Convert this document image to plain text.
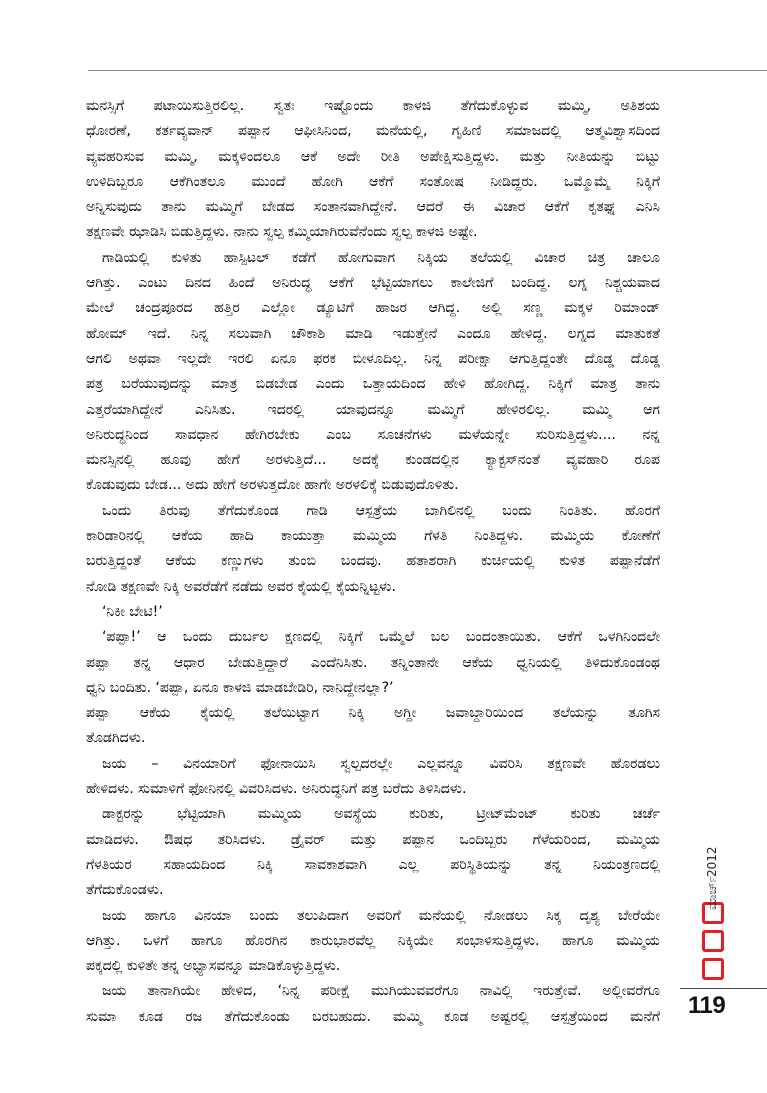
ಮನಸ್ಸಿಗೆ ಪಟಾಯಿಸುತ್ತಿರಲಿಲ್ಲ. ಸ್ವತಃ ಇಷ್ಟೊಂದು ಕಾಳಜಿ ತೆಗೆದುಕೊಳ್ಳುವ ಮಮ್ಮಿ, ಅತಿಶಯ
ಧೋರಣೆ, ಕರ್ತವ್ಯವಾನ್ ಪಪ್ಪಾನ ಆಫೀಸಿನಿಂದ, ಮನೆಯಲ್ಲಿ, ಗೃಹಿಣಿ ಸಮಾಜದಲ್ಲಿ ಆತ್ಮವಿಶ್ವಾಸದಿಂದ
ವ್ಯವಹರಿಸುವ ಮಮ್ಮಿ, ಮಕ್ಕಳಿಂದಲೂ ಆಕೆ ಅದೇ ರೀತಿ ಅಪೇಕ್ಷಿಸುತ್ತಿದ್ದಳು. ಮತ್ತು ನೀತಿಯನ್ನು ಬಿಟ್ಟು
ಉಳಿದಿಬ್ಬರೂ ಆಕೆಗಿಂತಲೂ ಮುಂದೆ ಹೋಗಿ ಆಕೆಗೆ ಸಂತೋಷ ನೀಡಿದ್ದರು. ಒಮ್ಮೊಮ್ಮೆ ನಿಕ್ಕಿಗೆ
ಅನ್ನಿಸುವುದು ತಾನು ಮಮ್ಮಿಗೆ ಬೇಡದ ಸಂತಾನವಾಗಿದ್ದೇನೆ. ಆದರೆ ಈ ವಿಚಾರ ಆಕೆಗೆ ಕೃತಘ್ನ ಎನಿಸಿ
ತಕ್ಷಣವೇ ಝಾಡಿಸಿ ಬಿಡುತ್ತಿದ್ದಳು. ನಾನು ಸ್ವಲ್ಪ ಕಮ್ಮಿಯಾಗಿರುವೆನೆಂದು ಸ್ವಲ್ಪ ಕಾಳಜಿ ಅಷ್ಟೇ.
ಗಾಡಿಯಲ್ಲಿ ಕುಳಿತು ಹಾಸ್ಪಿಟಲ್ ಕಡೆಗೆ ಹೋಗುವಾಗ ನಿಕ್ಕಿಯ ತಲೆಯಲ್ಲಿ ವಿಚಾರ ಚಿತ್ರ ಚಾಲೂ
ಆಗಿತ್ತು. ಎಂಟು ದಿನದ ಹಿಂದೆ ಅನಿರುದ್ಧ ಆಕೆಗೆ ಭೆಟ್ಟಿಯಾಗಲು ಕಾಲೇಜಿಗೆ ಬಂದಿದ್ದ. ಲಗ್ನ ನಿಶ್ಚಯವಾದ
ಮೇಲೆ ಚಂದ್ರಪೂರದ ಹತ್ತಿರ ಎಲ್ಲೋ ಡ್ಯೂಟಿಗೆ ಹಾಜರ ಆಗಿದ್ದ. ಅಲ್ಲಿ ಸಣ್ಣ ಮಕ್ಕಳ ರಿಮಾಂಡ್
ಹೋಮ್ ಇದೆ. ನಿನ್ನ ಸಲುವಾಗಿ ಚೌಕಾಶಿ ಮಾಡಿ ಇಡುತ್ತೇನೆ ಎಂದೂ ಹೇಳಿದ್ದ. ಲಗ್ನದ ಮಾತುಕತೆ
ಆಗಲಿ ಅಥವಾ ಇಲ್ಲದೇ ಇರಲಿ ಏನೂ ಫರಕ ಬೀಳೂದಿಲ್ಲ. ನಿನ್ನ ಪರೀಕ್ಷಾ ಆಗುತ್ತಿದ್ದಂತೇ ದೊಡ್ಡ ದೊಡ್ಡ
ಪತ್ರ ಬರೆಯುವುದನ್ನು ಮಾತ್ರ ಬಿಡಬೇಡ ಎಂದು ಒತ್ತಾಯದಿಂದ ಹೇಳಿ ಹೋಗಿದ್ದ. ನಿಕ್ಕಿಗೆ ಮಾತ್ರ ತಾನು
ಎತ್ತರೆಯಾಗಿದ್ದೇನೆ ಎನಿಸಿತು. ಇದರಲ್ಲಿ ಯಾವುದನ್ನೂ ಮಮ್ಮಿಗೆ ಹೇಳಿರಲಿಲ್ಲ. ಮಮ್ಮಿ ಆಗ
ಅನಿರುದ್ಧನಿಂದ ಸಾವಧಾನ ಹೇಗಿರಬೇಕು ಎಂಬ ಸೂಚನೆಗಳು ಮಳೆಯನ್ನೇ ಸುರಿಸುತ್ತಿದ್ದಳು.... ನನ್ನ
ಮನಸ್ಸಿನಲ್ಲಿ ಹೂವು ಹೇಗೆ ಅರಳುತ್ತಿದೆ... ಅದಕ್ಕೆ ಕುಂಡದಲ್ಲಿನ ಕ್ಯಾಕ್ಟಸ್‌ನಂತೆ ವ್ಯವಹಾರಿ ರೂಪ
ಕೊಡುವುದು ಬೇಡ... ಅದು ಹೇಗೆ ಅರಳುತ್ತದೋ ಹಾಗೇ ಅರಳಲಿಕ್ಕೆ ಬಿಡುವುದೊಳಿತು.
ಒಂದು ತಿರುವು ತೆಗೆದುಕೊಂಡ ಗಾಡಿ ಆಸ್ಪತ್ರೆಯ ಬಾಗಿಲಿನಲ್ಲಿ ಬಂದು ನಿಂತಿತು. ಹೊರಗೆ
ಕಾರಿಡಾರಿನಲ್ಲಿ ಆಕೆಯ ಹಾದಿ ಕಾಯುತ್ತಾ ಮಮ್ಮಿಯ ಗೆಳತಿ ನಿಂತಿದ್ದಳು. ಮಮ್ಮಿಯ ಕೋಣೆಗೆ
ಬರುತ್ತಿದ್ದಂತೆ ಆಕೆಯ ಕಣ್ಣುಗಳು ತುಂಬಿ ಬಂದವು. ಹತಾಶರಾಗಿ ಕುರ್ಚಿಯಲ್ಲಿ ಕುಳಿತ ಪಪ್ಪಾನೆಡೆಗೆ
ನೋಡಿ ತಕ್ಷಣವೇ ನಿಕ್ಕಿ ಅವರೆಡೆಗೆ ನಡೆದು ಅವರ ಕೈಯಲ್ಲಿ ಕೈಯನ್ನಿಟ್ಟಳು.
‘ನಿಕೀ ಬೇಟಿ!’
‘ಪಪ್ಪಾ!’ ಆ ಒಂದು ದುರ್ಬಲ ಕ್ಷಣದಲ್ಲಿ ನಿಕ್ಕಿಗೆ ಒಮ್ಮೆಲೆ ಬಲ ಬಂದಂತಾಯಿತು. ಆಕೆಗೆ ಒಳಗಿನಿಂದಲೇ
ಪಪ್ಪಾ ತನ್ನ ಆಧಾರ ಬೇಡುತ್ತಿದ್ದಾರೆ ಎಂದೆನಿಸಿತು. ತನ್ನಿಂತಾನೇ ಆಕೆಯ ಧ್ವನಿಯಲ್ಲಿ ತಿಳಿದುಕೊಂಡಂಥ
ಧ್ವನಿ ಬಂದಿತು. ‘ಪಪ್ಪಾ, ಏನೂ ಕಾಳಜಿ ಮಾಡಬೇಡಿರಿ, ನಾನಿದ್ದೇನಲ್ಲಾ?’
ಪಪ್ಪಾ ಆಕೆಯ ಕೈಯಲ್ಲಿ ತಲೆಯಿಟ್ಟಾಗ ನಿಕ್ಕಿ ಅಗ್ದೀ ಜವಾಬ್ದಾರಿಯಿಂದ ತಲೆಯನ್ನು ತೂಗಿಸ
ತೊಡಗಿದಳು.
ಜಯ – ವಿನಯಾರಿಗೆ ಫೋನಾಯಿಸಿ ಸ್ವಲ್ಪದರಲ್ಲೇ ಎಲ್ಲವನ್ನೂ ವಿವರಿಸಿ ತಕ್ಷಣವೇ ಹೊರಡಲು
ಹೇಳಿದಳು. ಸುಮಾಳಿಗೆ ಫೋನಿನಲ್ಲಿ ವಿವರಿಸಿದಳು. ಅನಿರುದ್ಧನಿಗೆ ಪತ್ರ ಬರೆದು ತಿಳಿಸಿದಳು.
ಡಾಕ್ಟರನ್ನು ಭೆಟ್ಟಿಯಾಗಿ ಮಮ್ಮಿಯ ಅವಸ್ಥೆಯ ಕುರಿತು, ಟ್ರೀಟ್‌ಮೆಂಟ್ ಕುರಿತು ಚರ್ಚೆ
ಮಾಡಿದಳು. ಔಷಧ ತರಿಸಿದಳು. ಡ್ರೈವರ್ ಮತ್ತು ಪಪ್ಪಾನ ಒಂದಿಬ್ಬರು ಗೆಳೆಯರಿಂದ, ಮಮ್ಮಿಯ
ಗೆಳತಿಯರ ಸಹಾಯದಿಂದ ನಿಕ್ಕಿ ಸಾವಕಾಶವಾಗಿ ಎಲ್ಲ ಪರಿಸ್ಥಿತಿಯನ್ನು ತನ್ನ ನಿಯಂತ್ರಣದಲ್ಲಿ
ತೆಗೆದುಕೊಂಡಳು.
ಜಯ ಹಾಗೂ ವಿನಯಾ ಬಂದು ತಲುಪಿದಾಗ ಅವರಿಗೆ ಮನೆಯಲ್ಲಿ ನೋಡಲು ಸಿಕ್ಕ ದೃಶ್ಯ ಬೇರೆಯೇ
ಆಗಿತ್ತು. ಒಳಗೆ ಹಾಗೂ ಹೊರಗಿನ ಕಾರುಭಾರವೆಲ್ಲ ನಿಕ್ಕಿಯೇ ಸಂಭಾಳಿಸುತ್ತಿದ್ದಳು. ಹಾಗೂ ಮಮ್ಮಿಯ
ಪಕ್ಕದಲ್ಲಿ ಕುಳಿತೇ ತನ್ನ ಅಭ್ಯಾಸವನ್ನೂ ಮಾಡಿಕೊಳ್ಳುತ್ತಿದ್ದಳು.
ಜಯ ತಾನಾಗಿಯೇ ಹೇಳಿದ, ‘ನಿನ್ನ ಪರೀಕ್ಷೆ ಮುಗಿಯುವವರೆಗೂ ನಾವಿಲ್ಲಿ ಇರುತ್ತೇವೆ. ಅಲ್ಲೀವರೆಗೂ
ಸುಮಾ ಕೂಡ ರಜ ತೆಗೆದುಕೊಂಡು ಬರಬಹುದು. ಮಮ್ಮಿ ಕೂಡ ಅಷ್ಟರಲ್ಲಿ ಆಸ್ಪತ್ರೆಯಿಂದ ಮನೆಗೆ
ಮಾರ್ಚ್
2012
119
